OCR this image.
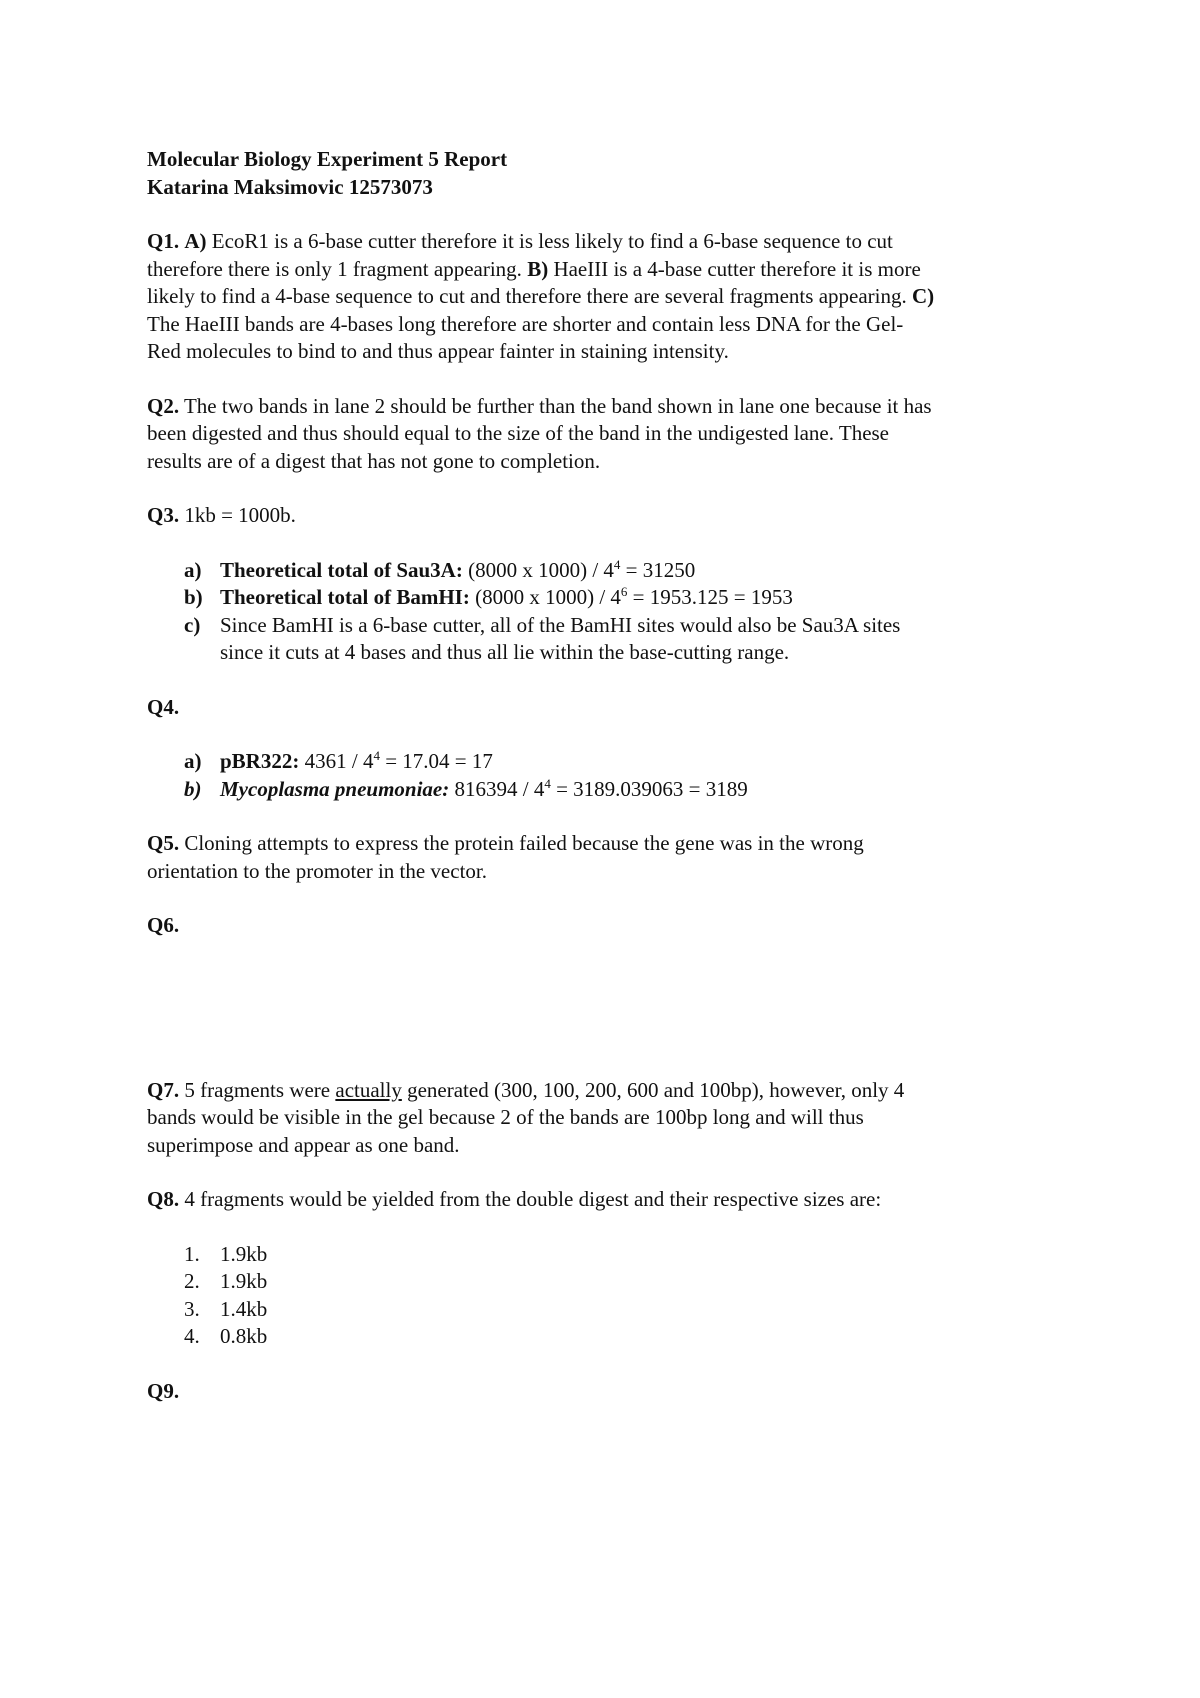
Molecular Biology Experiment 5 Report
Katarina Maksimovic 12573073
Q1. A) EcoR1 is a 6-base cutter therefore it is less likely to find a 6-base sequence to cut
therefore there is only 1 fragment appearing. B) HaeIII is a 4-base cutter therefore it is more
likely to find a 4-base sequence to cut and therefore there are several fragments appearing. C)
The HaeIII bands are 4-bases long therefore are shorter and contain less DNA for the Gel-
Red molecules to bind to and thus appear fainter in staining intensity.
Q2. The two bands in lane 2 should be further than the band shown in lane one because it has
been digested and thus should equal to the size of the band in the undigested lane. These
results are of a digest that has not gone to completion.
Q3. 1kb = 1000b.
a) Theoretical total of Sau3A: (8000 x $1000) / 4^4 = 31250$
b) Theoretical total of BamHI: (8000 x $1000) / 4^6 = 1953.125 = 1953$
c) Since BamHI is a 6-base cutter, all of the BamHI sites would also be Sau3A sites
since it cuts at 4 bases and thus all lie within the base-cutting range.
Q4.
a) pBR322: $4361 / 4^4 = 17.04 = 17$
b) Mycoplasma pneumoniae: $816394 / 4^4 = 3189.039063 = 3189$
Q5. Cloning attempts to express the protein failed because the gene was in the wrong
orientation to the promoter in the vector.
Q6.
Q7. 5 fragments were actually generated (300, 100, 200, 600 and 100bp), however, only 4
bands would be visible in the gel because 2 of the bands are 100bp long and will thus
superimpose and appear as one band.
Q8. 4 fragments would be yielded from the double digest and their respective sizes are:
1. 1.9kb
2. 1.9kb
3. 1.4kb
4. 0.8kb
Q9.
